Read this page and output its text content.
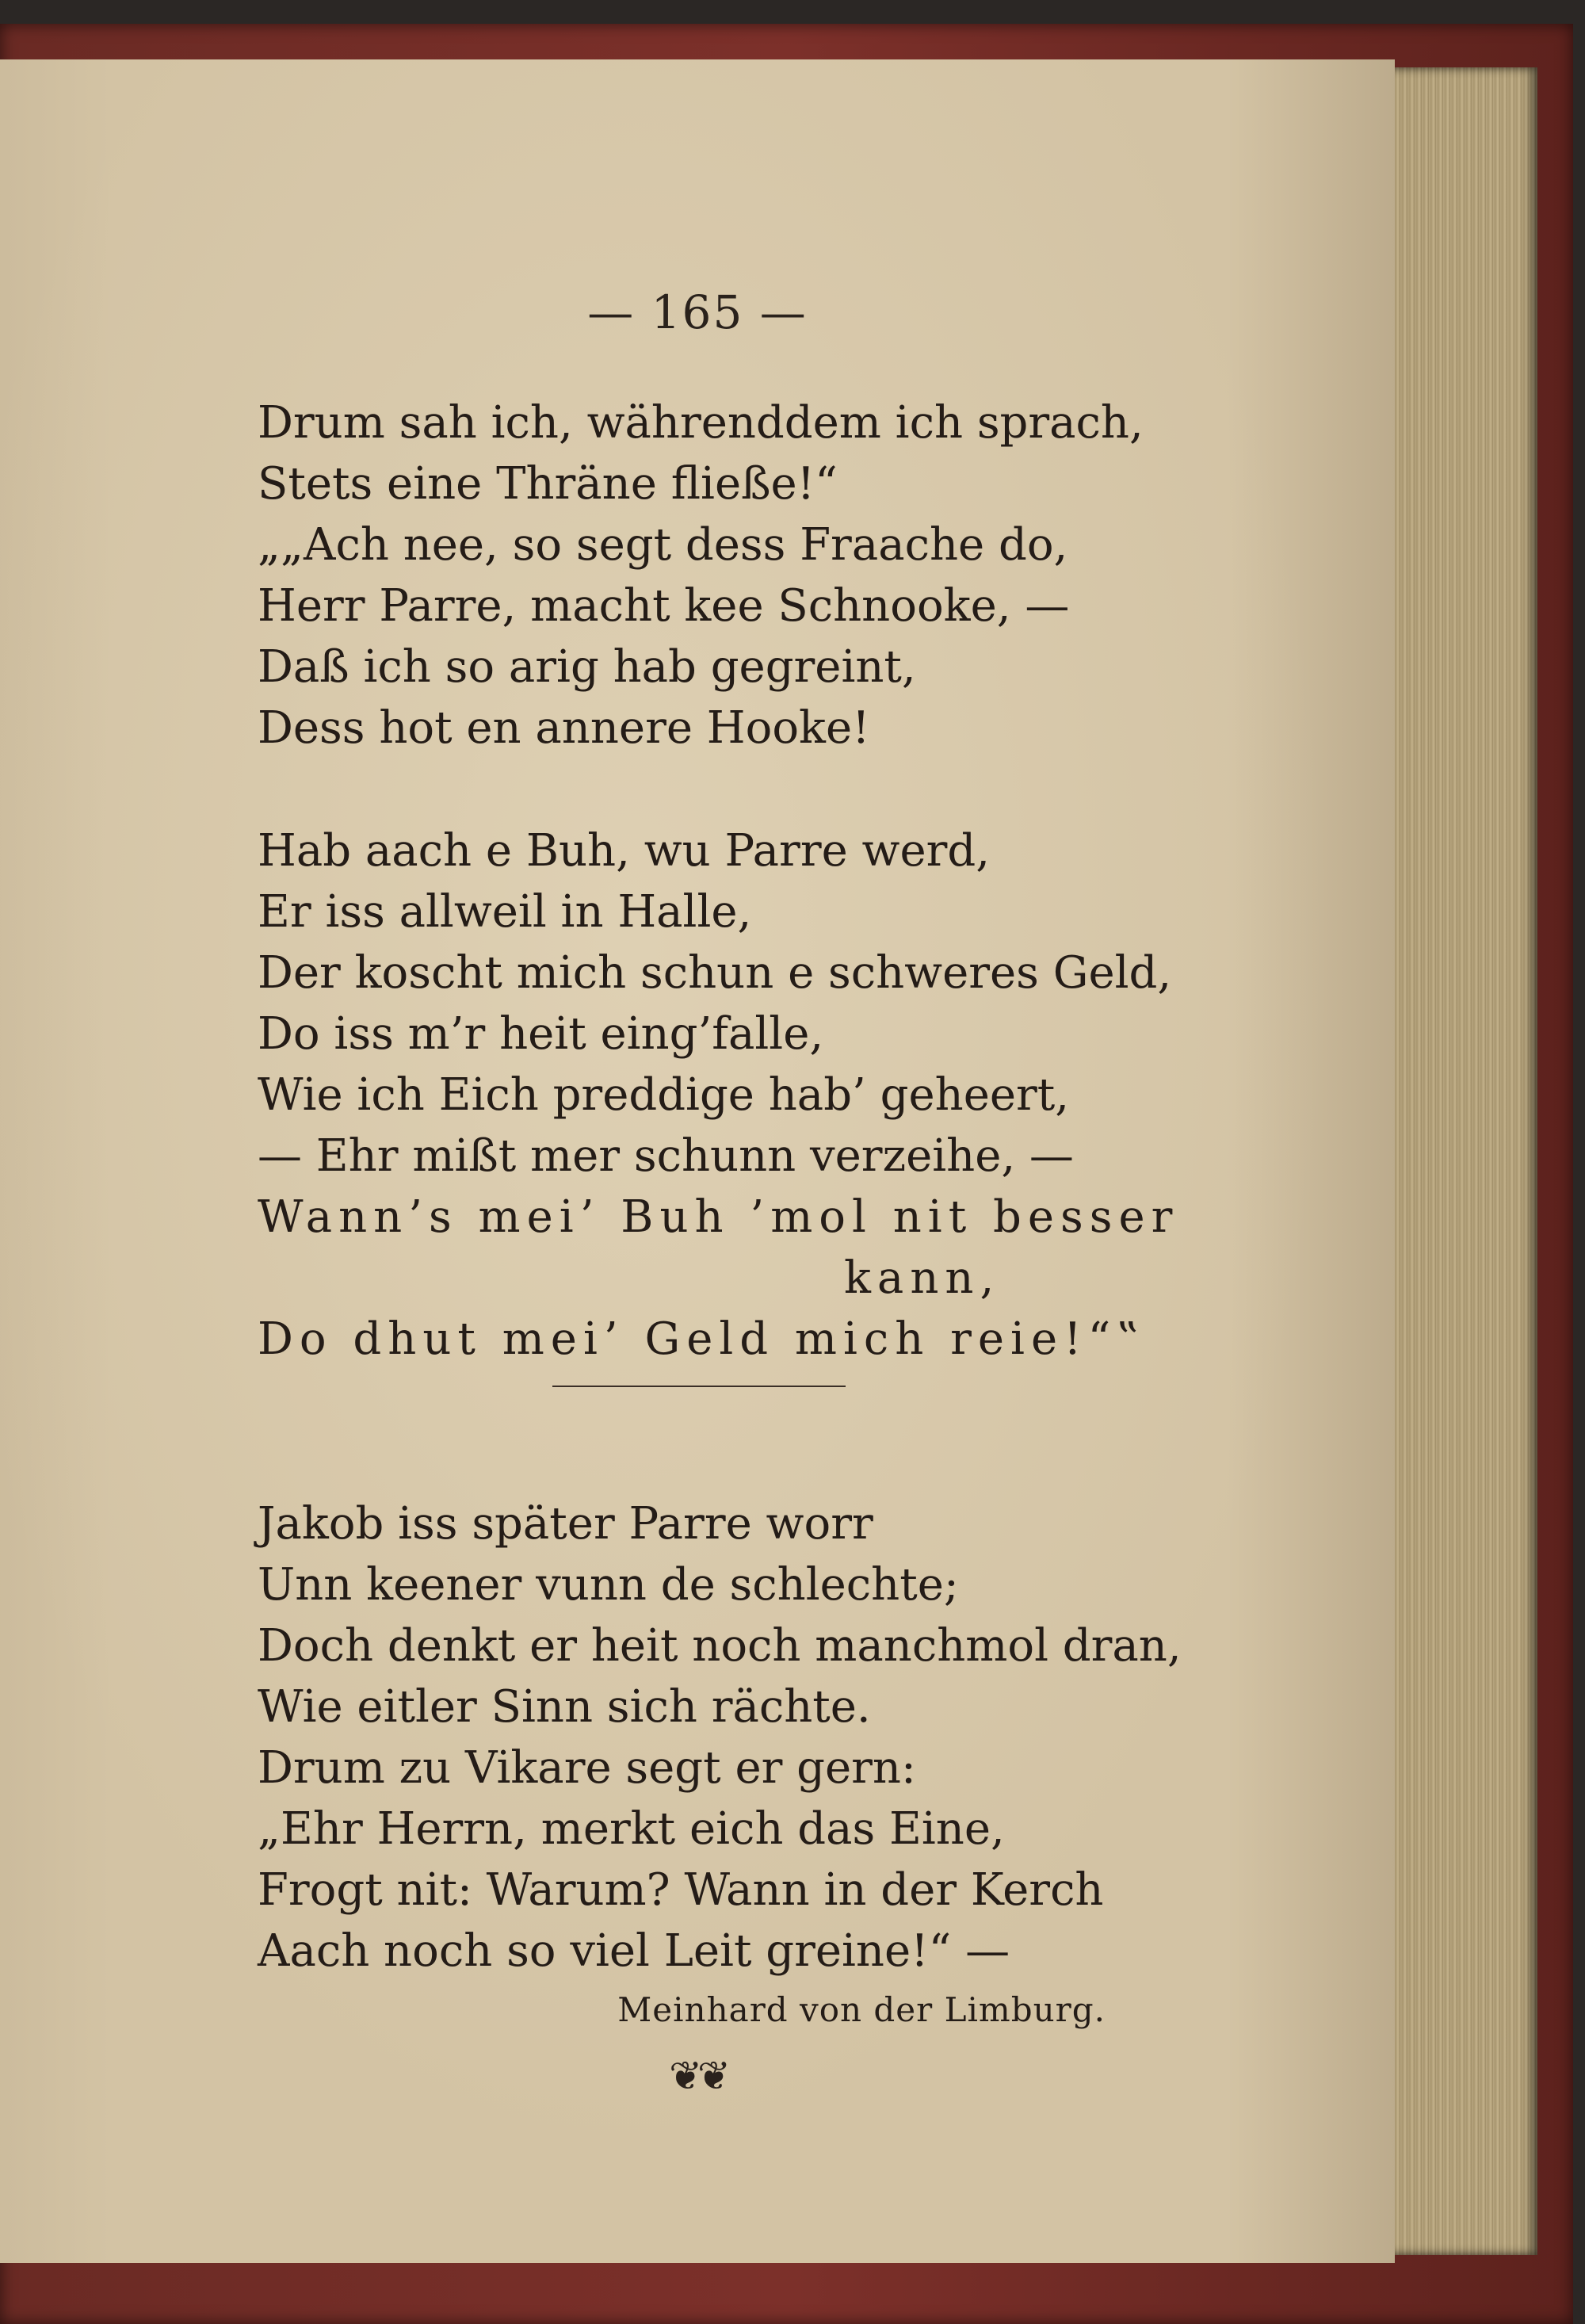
— 165 —
Drum sah ich, währenddem ich sprach,
Stets eine Thräne fließe!“
„„Ach nee, so segt dess Fraache do,
Herr Parre, macht kee Schnooke, —
Daß ich so arig hab gegreint,
Dess hot en annere Hooke!
Hab aach e Buh, wu Parre werd,
Er iss allweil in Halle,
Der koscht mich schun e schweres Geld,
Do iss m’r heit eing’falle,
Wie ich Eich preddige hab’ geheert,
— Ehr mißt mer schunn verzeihe, —
Wann’s mei’ Buh ’mol nit besser
kann,
Do dhut mei’ Geld mich reie!“‟
Jakob iss später Parre worr
Unn keener vunn de schlechte;
Doch denkt er heit noch manchmol dran,
Wie eitler Sinn sich rächte.
Drum zu Vikare segt er gern:
„Ehr Herrn, merkt eich das Eine,
Frogt nit: Warum? Wann in der Kerch
Aach noch so viel Leit greine!“ —
Meinhard von der Limburg.
❦❦
